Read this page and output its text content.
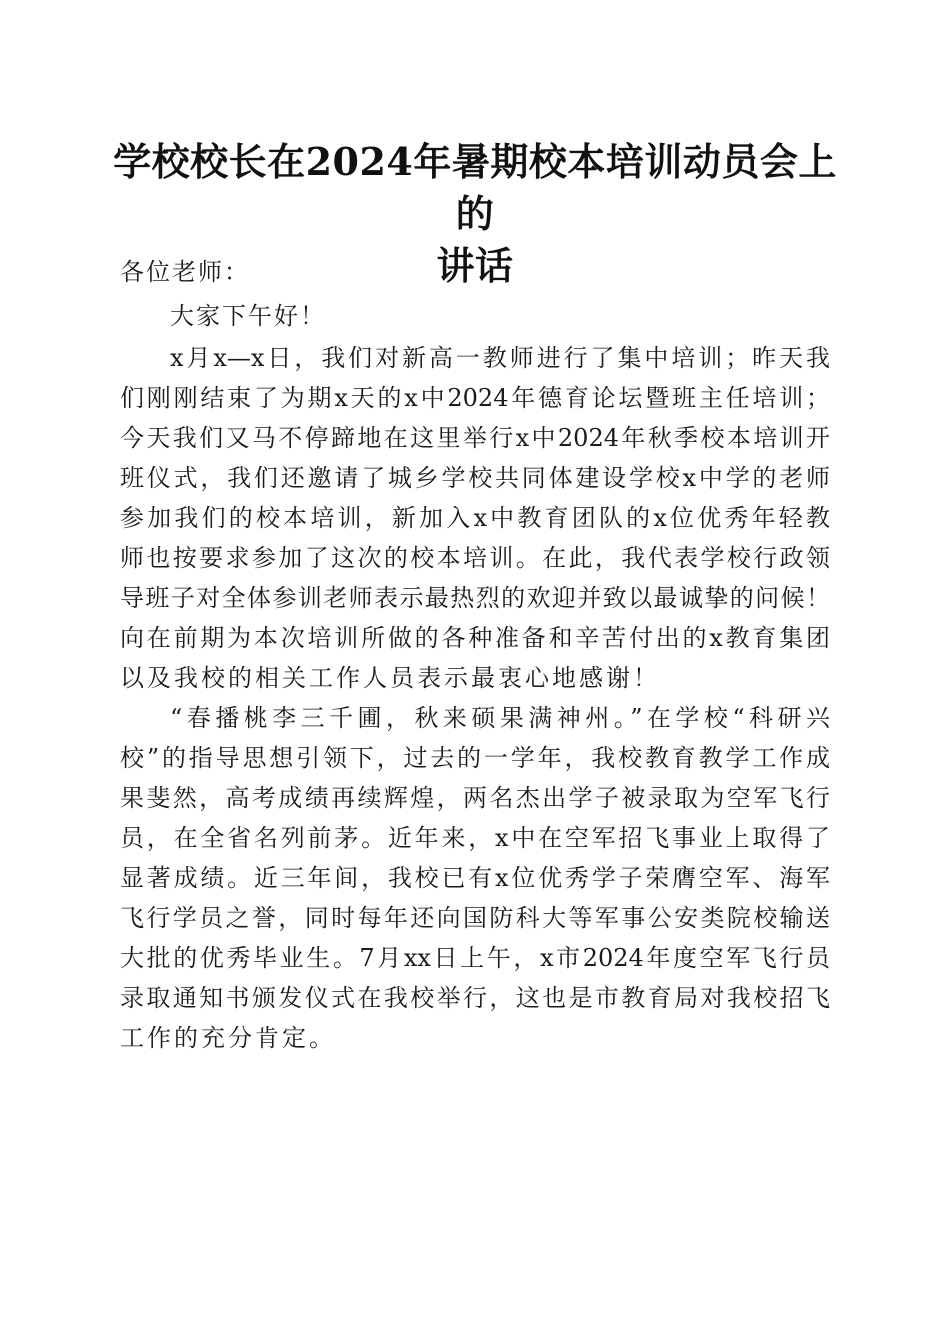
学校校长在2024年暑期校本培训动员会上的
讲话
各位老师：
大家下午好！
x月x—x日，我们对新高一教师进行了集中培训；昨天我
们刚刚结束了为期x天的x中2024年德育论坛暨班主任培训；
今天我们又马不停蹄地在这里举行x中2024年秋季校本培训开
班仪式，我们还邀请了城乡学校共同体建设学校x中学的老师
参加我们的校本培训，新加入x中教育团队的x位优秀年轻教
师也按要求参加了这次的校本培训。在此，我代表学校行政领
导班子对全体参训老师表示最热烈的欢迎并致以最诚挚的问候！
向在前期为本次培训所做的各种准备和辛苦付出的x教育集团
以及我校的相关工作人员表示最衷心地感谢！
“春播桃李三千圃，秋来硕果满神州。”在学校“科研兴
校”的指导思想引领下，过去的一学年，我校教育教学工作成
果斐然，高考成绩再续辉煌，两名杰出学子被录取为空军飞行
员，在全省名列前茅。近年来，x中在空军招飞事业上取得了
显著成绩。近三年间，我校已有x位优秀学子荣膺空军、海军
飞行学员之誉，同时每年还向国防科大等军事公安类院校输送
大批的优秀毕业生。7月xx日上午，x市2024年度空军飞行员
录取通知书颁发仪式在我校举行，这也是市教育局对我校招飞
工作的充分肯定。
